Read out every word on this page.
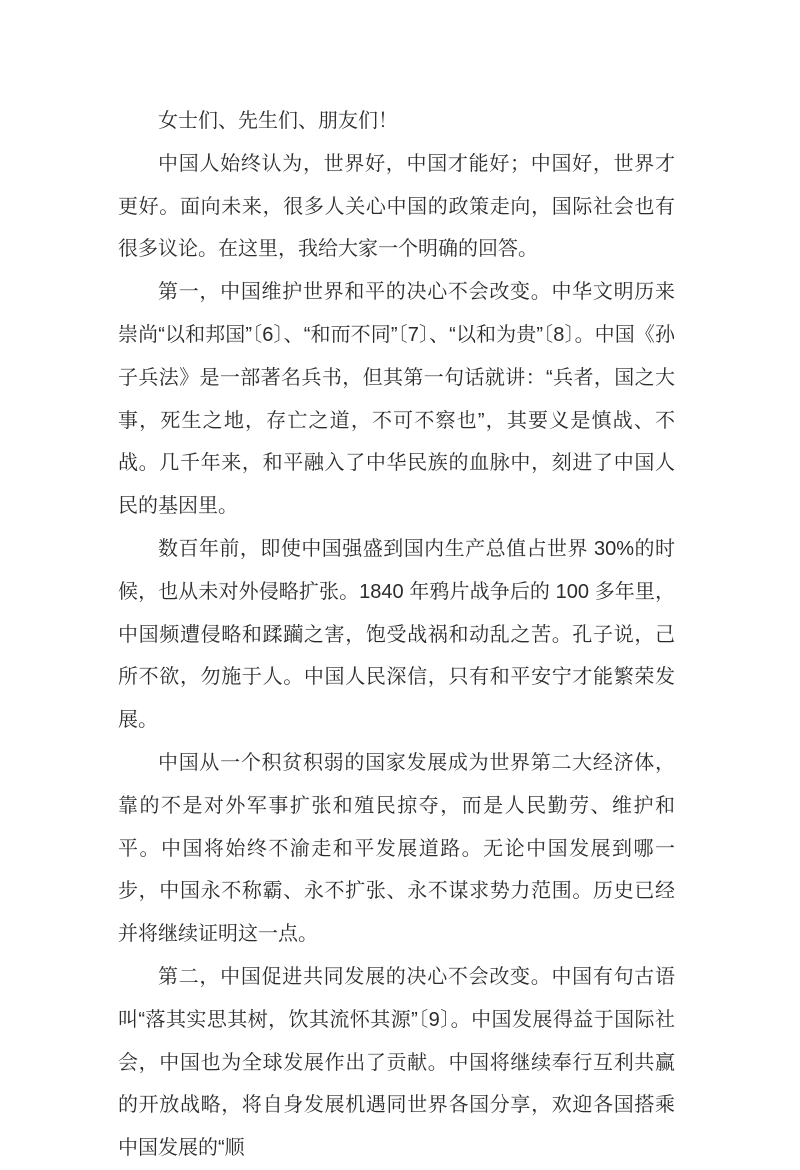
女士们、先生们、朋友们！

中国人始终认为，世界好，中国才能好；中国好，世界才更好。面向未来，很多人关心中国的政策走向，国际社会也有很多议论。在这里，我给大家一个明确的回答。

第一，中国维护世界和平的决心不会改变。中华文明历来崇尚“以和邦国”〔6〕、“和而不同”〔7〕、“以和为贵”〔8〕。中国《孙子兵法》是一部著名兵书，但其第一句话就讲：“兵者，国之大事，死生之地，存亡之道，不可不察也”，其要义是慎战、不战。几千年来，和平融入了中华民族的血脉中，刻进了中国人民的基因里。

数百年前，即使中国强盛到国内生产总值占世界 30%的时候，也从未对外侵略扩张。1840 年鸦片战争后的 100 多年里，中国频遭侵略和蹂躏之害，饱受战祸和动乱之苦。孔子说，己所不欲，勿施于人。中国人民深信，只有和平安宁才能繁荣发展。

中国从一个积贫积弱的国家发展成为世界第二大经济体，靠的不是对外军事扩张和殖民掠夺，而是人民勤劳、维护和平。中国将始终不渝走和平发展道路。无论中国发展到哪一步，中国永不称霸、永不扩张、永不谋求势力范围。历史已经并将继续证明这一点。

第二，中国促进共同发展的决心不会改变。中国有句古语叫“落其实思其树，饮其流怀其源”〔9〕。中国发展得益于国际社会，中国也为全球发展作出了贡献。中国将继续奉行互利共赢的开放战略，将自身发展机遇同世界各国分享，欢迎各国搭乘中国发展的“顺
